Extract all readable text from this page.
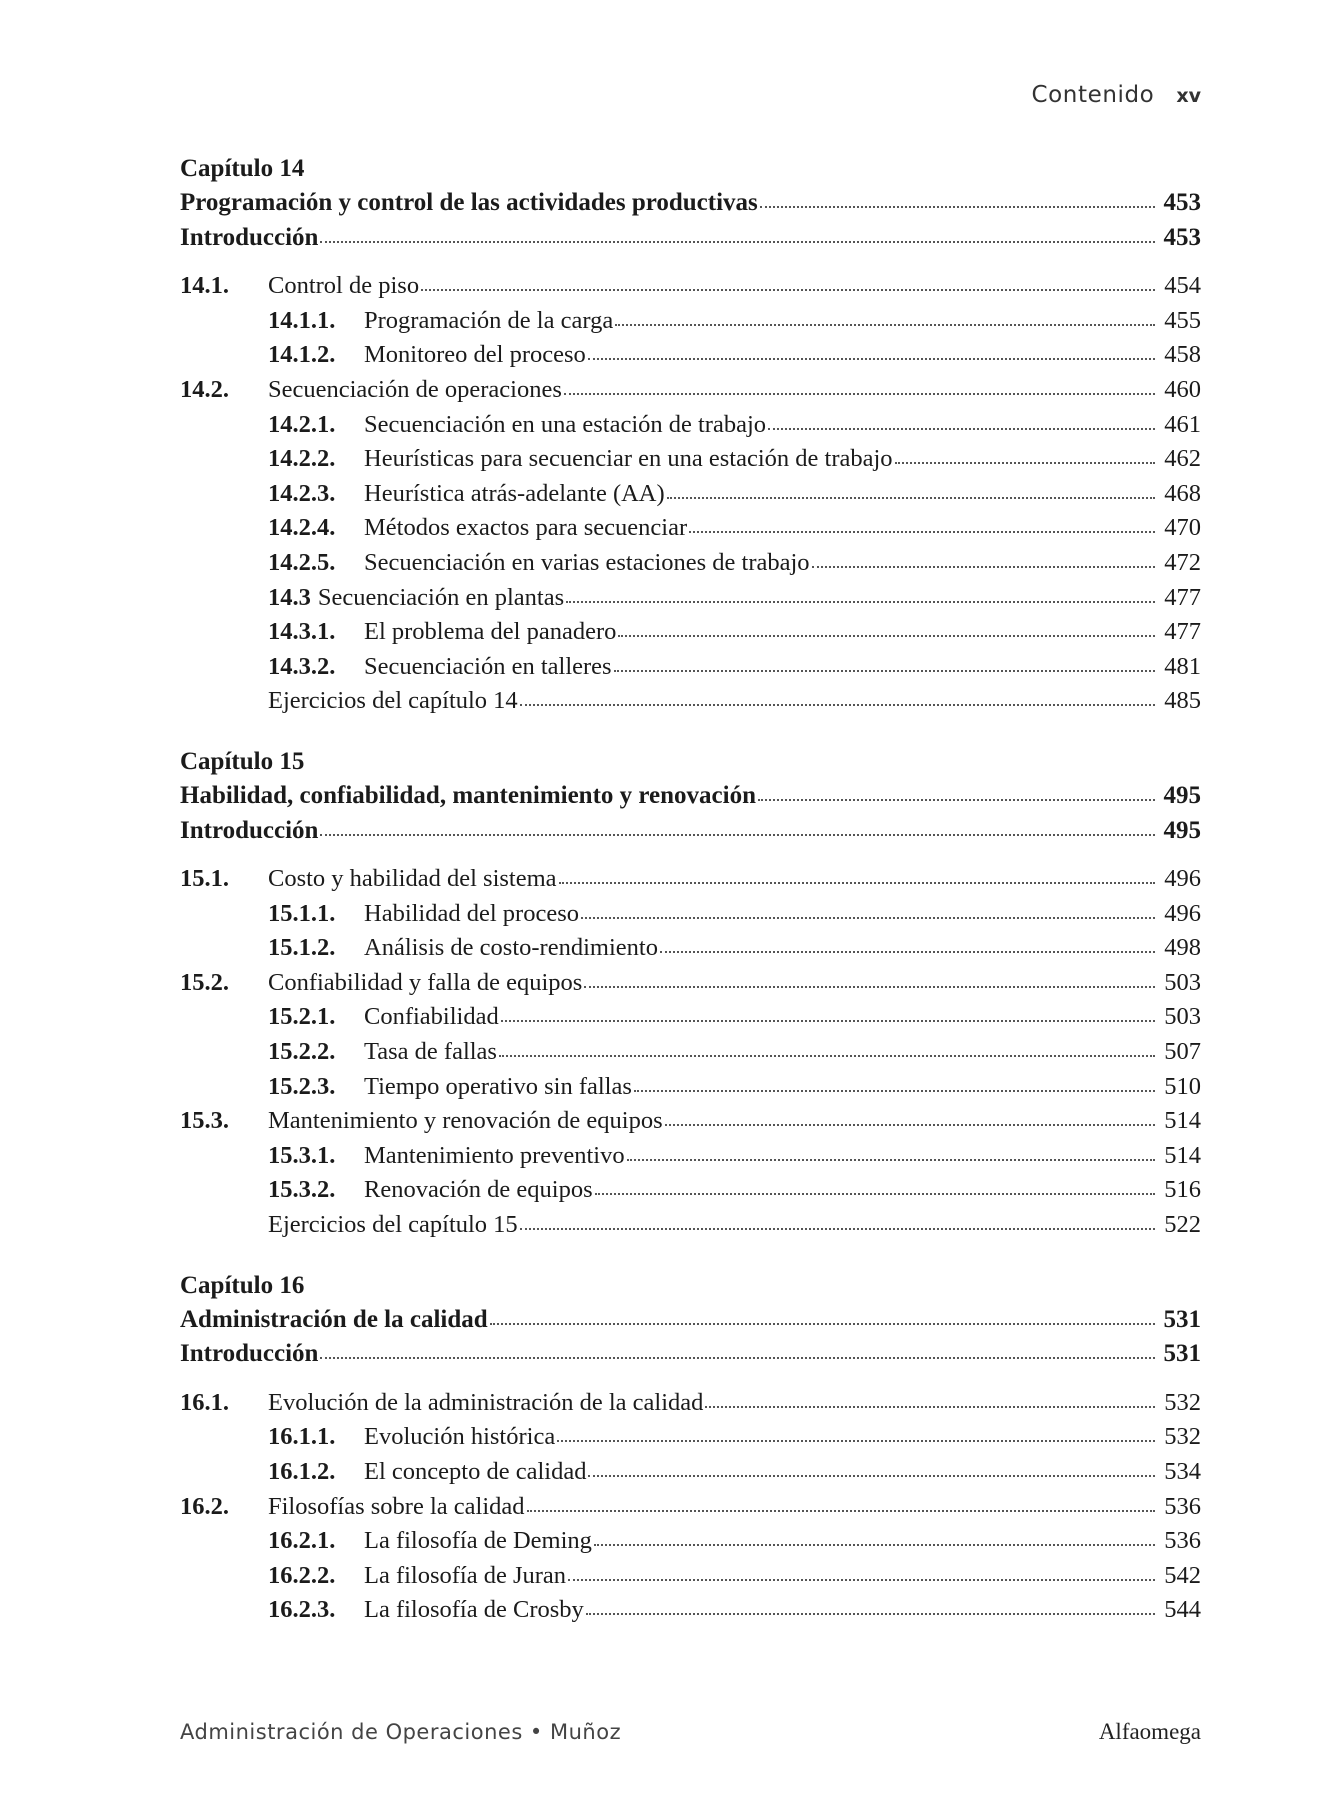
Contenido xv
Capítulo 14
Programación y control de las actividades productivas	453
Introducción	453
14.1.	Control de piso	454
14.1.1.	Programación de la carga	455
14.1.2.	Monitoreo del proceso	458
14.2.	Secuenciación de operaciones	460
14.2.1.	Secuenciación en una estación de trabajo	461
14.2.2.	Heurísticas para secuenciar en una estación de trabajo	462
14.2.3.	Heurística atrás-adelante (AA)	468
14.2.4.	Métodos exactos para secuenciar	470
14.2.5.	Secuenciación en varias estaciones de trabajo	472
14.3 Secuenciación en plantas	477
14.3.1.	El problema del panadero	477
14.3.2.	Secuenciación en talleres	481
Ejercicios del capítulo 14	485
Capítulo 15
Habilidad, confiabilidad, mantenimiento y renovación	495
Introducción	495
15.1.	Costo y habilidad del sistema	496
15.1.1.	Habilidad del proceso	496
15.1.2.	Análisis de costo-rendimiento	498
15.2.	Confiabilidad y falla de equipos	503
15.2.1.	Confiabilidad	503
15.2.2.	Tasa de fallas	507
15.2.3.	Tiempo operativo sin fallas	510
15.3.	Mantenimiento y renovación de equipos	514
15.3.1.	Mantenimiento preventivo	514
15.3.2.	Renovación de equipos	516
Ejercicios del capítulo 15	522
Capítulo 16
Administración de la calidad	531
Introducción	531
16.1.	Evolución de la administración de la calidad	532
16.1.1.	Evolución histórica	532
16.1.2.	El concepto de calidad	534
16.2.	Filosofías sobre la calidad	536
16.2.1.	La filosofía de Deming	536
16.2.2.	La filosofía de Juran	542
16.2.3.	La filosofía de Crosby	544
Administración de Operaciones • Muñoz	Alfaomega
